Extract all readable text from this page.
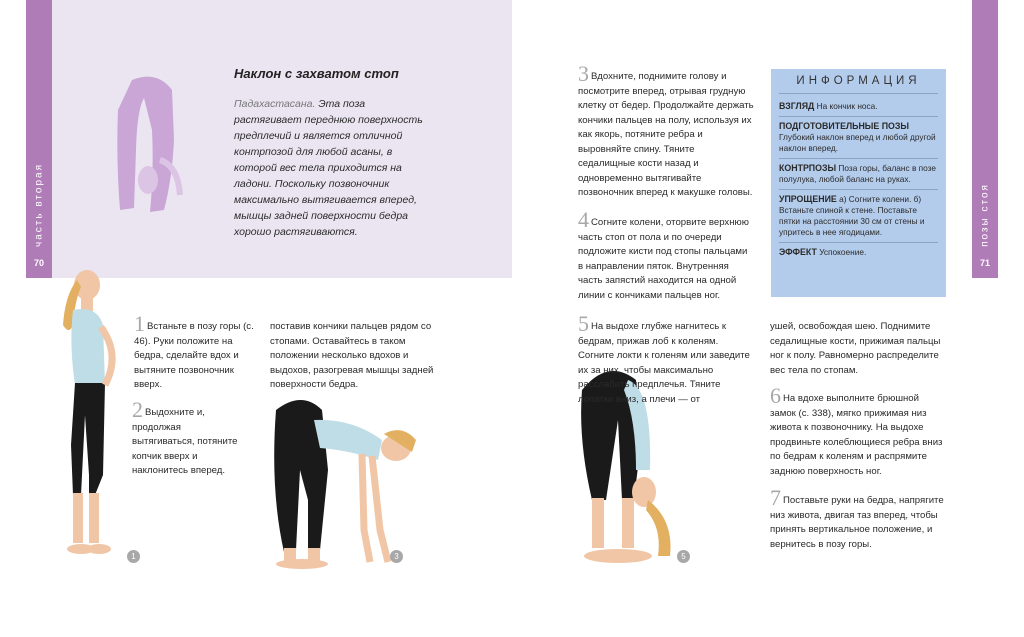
часть вторая
70
позы стоя
71
Наклон с захватом стоп
Падахастасана. Эта поза растягивает переднюю поверхность предплечий и является отличной контрпозой для любой асаны, в которой вес тела приходится на ладони. Поскольку позвоночник максимально вытягивается вперед, мышцы задней поверхности бедра хорошо растягиваются.
1	3	5
1 Встаньте в позу горы (с. 46). Руки положите на бедра, сделайте вдох и вытяните позвоночник вверх.
2 Выдохните и, продолжая вытягиваться, потяните копчик вверх и наклонитесь вперед.
поставив кончики пальцев рядом со стопами. Оставайтесь в таком положении несколько вдохов и выдохов, разогревая мышцы задней поверхности бедра.
3 Вдохните, поднимите голову и посмотрите вперед, отрывая грудную клетку от бедер. Продолжайте держать кончики пальцев на полу, используя их как якорь, потяните ребра и выровняйте спину. Тяните седалищные кости назад и одновременно вытягивайте позвоночник вперед к макушке головы.
4 Согните колени, оторвите верхнюю часть стоп от пола и по очереди подложите кисти под стопы пальцами в направлении пяток. Внутренняя часть запястий находится на одной линии с кончиками пальцев ног.
5 На выдохе глубже нагнитесь к бедрам, прижав лоб к коленям. Согните локти к голеням или заведите их за них, чтобы максимально расслабить предплечья. Тяните лопатки вниз, а плечи — от
ушей, освобождая шею. Поднимите седалищные кости, прижимая пальцы ног к полу. Равномерно распределите вес тела по стопам.
6 На вдохе выполните брюшной замок (с. 338), мягко прижимая низ живота к позвоночнику. На выдохе продвиньте колеблющиеся ребра вниз по бедрам к коленям и распрямите заднюю поверхность ног.
7 Поставьте руки на бедра, напрягите низ живота, двигая таз вперед, чтобы принять вертикальное положение, и вернитесь в позу горы.
ИНФОРМАЦИЯ
ВЗГЛЯД На кончик носа.
ПОДГОТОВИТЕЛЬНЫЕ ПОЗЫ
Глубокий наклон вперед и любой другой наклон вперед.
КОНТРПОЗЫ Поза горы, баланс в позе полулука, любой баланс на руках.
УПРОЩЕНИЕ а) Согните колени. б) Встаньте спиной к стене. Поставьте пятки на расстоянии 30 см от стены и упритесь в нее ягодицами.
ЭФФЕКТ Успокоение.
